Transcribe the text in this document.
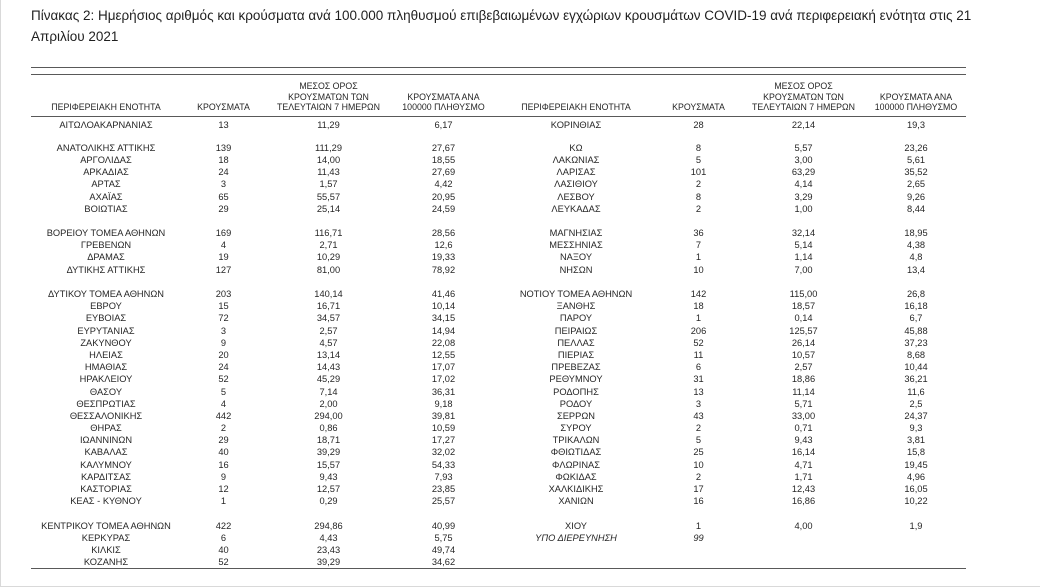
Πίνακας 2: Ημερήσιος αριθμός και κρούσματα ανά 100.000 πληθυσμού επιβεβαιωμένων εγχώριων κρουσμάτων COVID-19 ανά περιφερειακή ενότητα στις 21 Απριλίου 2021
ΠΕΡΙΦΕΡΕΙΑΚΗ ΕΝΟΤΗΤΑ	ΚΡΟΥΣΜΑΤΑ	ΜΕΣΟΣ ΟΡΟΣ ΚΡΟΥΣΜΑΤΩΝ ΤΩΝ ΤΕΛΕΥΤΑΙΩΝ 7 ΗΜΕΡΩΝ	ΚΡΟΥΣΜΑΤΑ ΑΝΑ 100000 ΠΛΗΘΥΣΜΟ	ΠΕΡΙΦΕΡΕΙΑΚΗ ΕΝΟΤΗΤΑ	ΚΡΟΥΣΜΑΤΑ	ΜΕΣΟΣ ΟΡΟΣ ΚΡΟΥΣΜΑΤΩΝ ΤΩΝ ΤΕΛΕΥΤΑΙΩΝ 7 ΗΜΕΡΩΝ	ΚΡΟΥΣΜΑΤΑ ΑΝΑ 100000 ΠΛΗΘΥΣΜΟ
ΑΙΤΩΛΟΑΚΑΡΝΑΝΙΑΣ	13	11,29	6,17	ΚΟΡΙΝΘΙΑΣ	28	22,14	19,3

ΑΝΑΤΟΛΙΚΗΣ ΑΤΤΙΚΗΣ	139	111,29	27,67	ΚΩ	8	5,57	23,26
ΑΡΓΟΛΙΔΑΣ	18	14,00	18,55	ΛΑΚΩΝΙΑΣ	5	3,00	5,61
ΑΡΚΑΔΙΑΣ	24	11,43	27,69	ΛΑΡΙΣΑΣ	101	63,29	35,52
ΑΡΤΑΣ	3	1,57	4,42	ΛΑΣΙΘΙΟΥ	2	4,14	2,65
ΑΧΑΪΑΣ	65	55,57	20,95	ΛΕΣΒΟΥ	8	3,29	9,26
ΒΟΙΩΤΙΑΣ	29	25,14	24,59	ΛΕΥΚΑΔΑΣ	2	1,00	8,44

ΒΟΡΕΙΟΥ ΤΟΜΕΑ ΑΘΗΝΩΝ	169	116,71	28,56	ΜΑΓΝΗΣΙΑΣ	36	32,14	18,95
ΓΡΕΒΕΝΩΝ	4	2,71	12,6	ΜΕΣΣΗΝΙΑΣ	7	5,14	4,38
ΔΡΑΜΑΣ	19	10,29	19,33	ΝΑΞΟΥ	1	1,14	4,8
ΔΥΤΙΚΗΣ ΑΤΤΙΚΗΣ	127	81,00	78,92	ΝΗΣΩΝ	10	7,00	13,4

ΔΥΤΙΚΟΥ ΤΟΜΕΑ ΑΘΗΝΩΝ	203	140,14	41,46	ΝΟΤΙΟΥ ΤΟΜΕΑ ΑΘΗΝΩΝ	142	115,00	26,8
ΕΒΡΟΥ	15	16,71	10,14	ΞΑΝΘΗΣ	18	18,57	16,18
ΕΥΒΟΙΑΣ	72	34,57	34,15	ΠΑΡΟΥ	1	0,14	6,7
ΕΥΡΥΤΑΝΙΑΣ	3	2,57	14,94	ΠΕΙΡΑΙΩΣ	206	125,57	45,88
ΖΑΚΥΝΘΟΥ	9	4,57	22,08	ΠΕΛΛΑΣ	52	26,14	37,23
ΗΛΕΙΑΣ	20	13,14	12,55	ΠΙΕΡΙΑΣ	11	10,57	8,68
ΗΜΑΘΙΑΣ	24	14,43	17,07	ΠΡΕΒΕΖΑΣ	6	2,57	10,44
ΗΡΑΚΛΕΙΟΥ	52	45,29	17,02	ΡΕΘΥΜΝΟΥ	31	18,86	36,21
ΘΑΣΟΥ	5	7,14	36,31	ΡΟΔΟΠΗΣ	13	11,14	11,6
ΘΕΣΠΡΩΤΙΑΣ	4	2,00	9,18	ΡΟΔΟΥ	3	5,71	2,5
ΘΕΣΣΑΛΟΝΙΚΗΣ	442	294,00	39,81	ΣΕΡΡΩΝ	43	33,00	24,37
ΘΗΡΑΣ	2	0,86	10,59	ΣΥΡΟΥ	2	0,71	9,3
ΙΩΑΝΝΙΝΩΝ	29	18,71	17,27	ΤΡΙΚΑΛΩΝ	5	9,43	3,81
ΚΑΒΑΛΑΣ	40	39,29	32,02	ΦΘΙΩΤΙΔΑΣ	25	16,14	15,8
ΚΑΛΥΜΝΟΥ	16	15,57	54,33	ΦΛΩΡΙΝΑΣ	10	4,71	19,45
ΚΑΡΔΙΤΣΑΣ	9	9,43	7,93	ΦΩΚΙΔΑΣ	2	1,71	4,96
ΚΑΣΤΟΡΙΑΣ	12	12,57	23,85	ΧΑΛΚΙΔΙΚΗΣ	17	12,43	16,05
ΚΕΑΣ - ΚΥΘΝΟΥ	1	0,29	25,57	ΧΑΝΙΩΝ	16	16,86	10,22

ΚΕΝΤΡΙΚΟΥ ΤΟΜΕΑ ΑΘΗΝΩΝ	422	294,86	40,99	ΧΙΟΥ	1	4,00	1,9
ΚΕΡΚΥΡΑΣ	6	4,43	5,75	ΥΠΟ ΔΙΕΡΕΥΝΗΣΗ	99		
ΚΙΛΚΙΣ	40	23,43	49,74				
ΚΟΖΑΝΗΣ	52	39,29	34,62				
